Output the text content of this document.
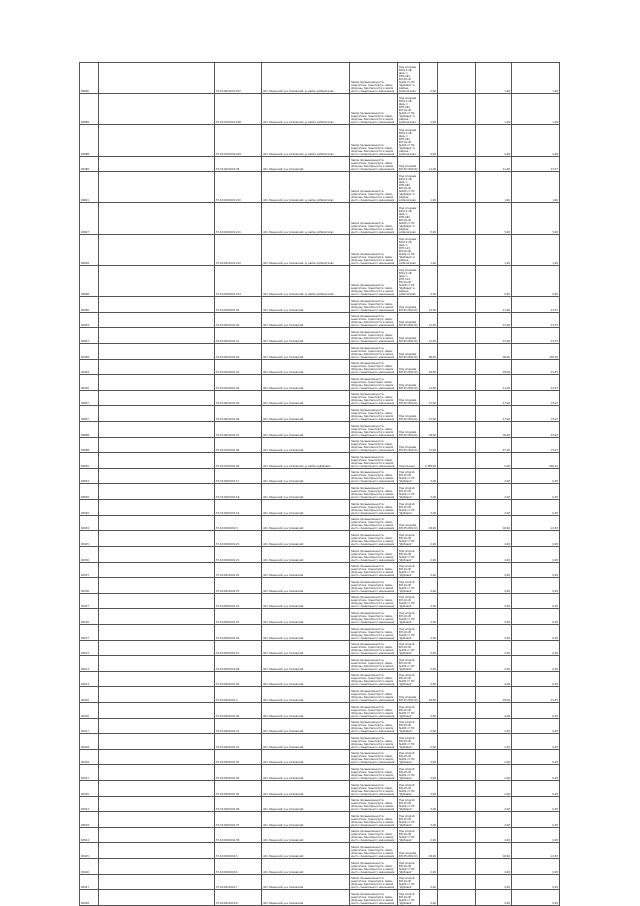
00690		57:16:0020101:207	обл. Мценский, р-н Сомовский, д. район д.Мелигрово	Земли промышленности, энергетики, транспорта, связи, обороны, безопасности и земли иного специального назначения	Под опорами ВЛ-0,4 кВ фид. 1 КТП-162 ВЛ-10 кВ №100 от ПС "Дубовик" в районе д.Мелигрово	5,00		1,00	1,00
00689		57:16:0020101:208	обл. Мценский, р-н Сомовский, д. район д.Мелигрово	Земли промышленности, энергетики, транспорта, связи, обороны, безопасности и земли иного специального назначения	Под опорами ВЛ-0,4 кВ фид. 1 КТП-162 ВЛ-10 кВ №100 от ПС "Дубовик" в районе д.Мелигрово	1,00		1,00	1,00
00688		57:16:0020101:209	обл. Мценский, р-н Сомовский, д. район д.Мелигрово	Земли промышленности, энергетики, транспорта, связи, обороны, безопасности и земли иного специального назначения	Под опорами ВЛ-0,4 кВ фид. 1 КТП-162 ВЛ-10 кВ №100 от ПС "Дубовик" в районе д.Мелигрово	4,00		4,00	4,00
00456		57:16:0020101:38	обл. Мценский, р-н Сомовский	Земли промышленности, энергетики, транспорта, связи, обороны, безопасности и земли иного специального назначения	Под опорами ВЛ-35 кВ(110)	11,00		11,00	13,37
00691		57:16:0020101:210	обл. Мценский, р-н Сомовский, д. район д.Мелигрово	Земли промышленности, энергетики, транспорта, связи, обороны, безопасности и земли иного специального назначения	Под опорами ВЛ-0,4 кВ фид. 1 КТП-162 ВЛ-10 кВ №100 от ПС "Дубовик" в районе д.Мелигрово	1,00		1,00	1,00
00697		57:16:0020101:211	обл. Мценский, р-н Сомовский, д. район д.Мелигрово	Земли промышленности, энергетики, транспорта, связи, обороны, безопасности и земли иного специального назначения	Под опорами ВЛ-0,4 кВ фид. 1 КТП-162 ВЛ-10 кВ №100 от ПС "Дубовик" в районе д.Мелигрово	5,00		5,00	5,00
00699		57:16:0020101:212	обл. Мценский, р-н Сомовский, д. район д.Мелигрово	Земли промышленности, энергетики, транспорта, связи, обороны, безопасности и земли иного специального назначения	Под опорами ВЛ-0,4 кВ фид. 1 КТП-114 ВЛ-10 кВ №100 от ПС "Дубовик" в районе д.Мелигрово	1,00		1,00	1,00
00698		57:16:0020101:213	обл. Мценский, р-н Сомовский, д. район д.Мелигрово	Земли промышленности, энергетики, транспорта, связи, обороны, безопасности и земли иного специального назначения	Под опорами ВЛ-0,4 кВ фид. 1 КТП-114 ВЛ-10 кВ №100 от ПС "Дубовик" в районе д.Мелигрово	5,00		5,00	5,00
00456		57:16:0020101:39	обл. Мценский, р-н Сомовский	Земли промышленности, энергетики, транспорта, связи, обороны, безопасности и земли иного специального назначения	Под опорами ВЛ-35 кВ(110)	11,00		11,00	13,37
00454		57:16:0020101:40	обл. Мценский, р-н Сомовский	Земли промышленности, энергетики, транспорта, связи, обороны, безопасности и земли иного специального назначения	Под опорами ВЛ-35 кВ(110)	11,00		11,00	13,37
00457		57:16:0020101:41	обл. Мценский, р-н Сомовский	Земли промышленности, энергетики, транспорта, связи, обороны, безопасности и земли иного специального назначения	Под опорами ВЛ-35 кВ(110)	11,00		11,00	13,37
00458		57:16:0020101:42	обл. Мценский, р-н Сомовский	Земли промышленности, энергетики, транспорта, связи, обороны, безопасности и земли иного специального назначения	Под опорами ВЛ-35 кВ(110)	96,00		96,00	116,45
00454		57:16:0020101:43	обл. Мценский, р-н Сомовский	Земли промышленности, энергетики, транспорта, связи, обороны, безопасности и земли иного специального назначения	Под опорами ВЛ-35 кВ(110)	18,00		18,00	21,87
00455		57:16:0020101:44	обл. Мценский, р-н Сомовский	Земли промышленности, энергетики, транспорta, связи, обороны, безопасности и земли иного специального назначения	Под опорами ВЛ-35 кВ(110)	11,00		11,00	13,37
00697		57:16:0020101:45	обл. Мценский, р-н Сомовский	Земли промышленности, энергетики, транспорта, связи, обороны, безопасности и земли иного специального назначения	Под опорами ВЛ-35 кВ(110)	17,00		17,00	73,07
00697		57:16:0020101:46	обл. Мценский, р-н Сомовский	Земли промышленности, энергетики, транспорта, связи, обороны, безопасности и земли иного специального назначения	Под опорами ВЛ-35 кВ(110)	17,00		17,00	73,07
00698		57:16:0020101:47	обл. Мценский, р-н Сомовский	Земли промышленности, энергетики, транспорта, связи, обороны, безопасности и земли иного специального назначения	Под опорами ВЛ-35 кВ(110)	39,00		39,00	43,20
00698		57:16:0020101:48	обл. Мценский, р-н Сомовский	Земли промышленности, энергетики, транспорта, связи, обороны, безопасности и земли иного специального назначения	Под опорами ВЛ-35 кВ(110)	17,00		17,00	73,07
00645		57:16:0020101:49	обл. Мценский, р-н Сомовский, д. район д.Дубовик	Земли промышленности, энергетики, транспорта, связи, обороны, безопасности и земли иного специального назначения	подстанция	4 485,00		5,00	549,12
00653		57:16:0050101:17	обл. Мценский, р-н Сомовский	Земли промышленности, энергетики, транспорта, связи, обороны, безопасности и земли иного специального назначения	Под опорой ВЛ-10 кВ №100 от ПС "Дубовик"	2,00		2,00	0,05
00650		57:16:0050101:18	обл. Мценский, р-н Сомовский	Земли промышленности, энергетики, транспорта, связи, обороны, безопасности и земли иного специального назначения	Под опорой ВЛ-10 кВ №100 от ПС "Дубовик"	2,00		2,00	0,05
00425		57:16:0050101:19	обл. Мценский, р-н Сомовский	Земли промышленности, энергетики, транспорта, связи, обороны, безопасности и земли иного специального назначения	Под опорой ВЛ-10 кВ №100 от ПС "Дубовик"	2,00		2,00	0,05
00454		57:16:0050101:3	обл. Мценский, р-н Сомовский	Земли промышленности, энергетики, транспорта, связи, обороны, безопасности и земли иного специального назначения	Под опорами ВЛ-35 кВ(110)	18,00		18,00	21,87
00425		57:16:0050101:20	обл. Мценский, р-н Сомовский	Земли промышленности, энергетики, транспорта, связи, обороны, безопасности и земли иного специального назначения	Под опорой ВЛ-10 кВ №100 от ПС "Дубовик"	2,00		2,00	0,05
00336		57:16:0050101:21	обл. Мценский, р-н Сомовский	Земли промышленности, энергетики, транспорта, связи, обороны, безопасности и земли иного специального назначения	Под опорой ВЛ-10 кВ №100 от ПС "Дубовик"	2,00		2,00	0,05
00337		57:16:0050101:22	обл. Мценский, р-н Сомовский	Земли промышленности, энергетики, транспорта, связи, обороны, безопасности и земли иного специального назначения	Под опорой ВЛ-10 кВ №100 от ПС "Дубовик"	2,00		2,00	0,05
00336		57:16:0050101:23	обл. Мценский, р-н Сомовский	Земли промышленности, энергетики, транспорта, связи, обороны, безопасности и земли иного специального назначения	Под опорой ВЛ-10 кВ №100 от ПС "Дубовик"	2,00		2,00	0,05
00337		57:16:0050101:24	обл. Мценский, р-н Сомовский	Земли промышленности, энергетики, транспорта, связи, обороны, безопасности и земли иного специального назначения	Под опорой ВЛ-10 кВ №100 от ПС "Дубовик"	2,00		2,00	0,05
00516		57:16:0050101:25	обл. Мценский, р-н Сомовский	Земли промышленности, энергетики, транспорта, связи, обороны, безопасности и земли иного специального назначения	Под опорой ВЛ-10 кВ №100 от ПС "Дубовик"	2,00		2,00	0,05
00517		57:16:0050101:26	обл. Мценский, р-н Сомовский	Земли промышленности, энергетики, транспорта, связи, обороны, безопасности и земли иного специального назначения	Под опорой ВЛ-10 кВ №100 от ПС "Дубовик"	2,00		2,00	0,05
00512		57:16:0050101:27	обл. Мценский, р-н Сомовский	Земли промышленности, энергетики, транспорта, связи, обороны, безопасности и земли иного специального назначения	Под опорой ВЛ-10 кВ №100 от ПС "Дубовик"	2,00		2,00	0,05
00513		57:16:0050101:28	обл. Мценский, р-н Сомовский	Земли промышленности, энергетики, транспорта, связи, обороны, безопасности и земли иного специального назначения	Под опорой ВЛ-10 кВ №100 от ПС "Дубовик"	2,00		2,00	0,05
00514		57:16:0050101:29	обл. Мценский, р-н Сомовский	Земли промышленности, энергетики, транспорта, связи, обороны, безопасности и земли иного специального назначения	Под опорой ВЛ-10 кВ №100 от ПС "Дубовик"	2,00		2,00	0,05
00415		57:16:0050101:4	обл. Мценский, р-н Сомовский	Земли промышленности, энергетики, транспорта, связи, обороны, безопасности и земли иного специального назначения	Под опорами ВЛ-35 кВ(110)	18,00		18,00	21,87
00416		57:16:0050101:30	обл. Мценский, р-н Сомовский	Земли промышленности, энергетики, транспорта, связи, обороны, безопасности и земли иного специального назначения	Под опорой ВЛ-10 кВ №100 от ПС "Дубовик"	2,00		2,00	0,05
00417		57:16:0050101:31	обл. Мценский, р-н Сомовский	Земли промышленности, энергетики, транспорта, связи, обороны, безопасности и земли иного специального назначения	Под опорой ВЛ-10 кВ №100 от ПС "Дубовик"	2,00		2,00	0,05
00418		57:16:0050101:32	обл. Мценский, р-н Сомовский	Земли промышленности, энергетики, транспорта, связи, обороны, безопасности и земли иного специального назначения	Под опорой ВЛ-10 кВ №100 от ПС "Дубовик"	2,00		2,00	0,05
00419		57:16:0050101:33	обл. Мценский, р-н Сомовский	Земли промышленности, энергетики, транспорта, связи, обороны, безопасности и земли иного специального назначения	Под опорой ВЛ-10 кВ №100 от ПС "Дубовик"	2,00		2,00	0,05
00327		57:16:0050101:34	обл. Мценский, р-н Сомовский	Земли промышленности, энергетики, транспорта, связи, обороны, безопасности и земли иного специального назначения	Под опорой ВЛ-10 кВ №100 от ПС "Дубовик"	2,00		2,00	0,05
00325		57:16:0050101:35	обл. Мценский, р-н Сомовский	Земли промышленности, энергетики, транспорта, связи, обороны, безопасности и земли иного специального назначения	Под опорой ВЛ-10 кВ №100 от ПС "Дубовик"	2,00		2,00	0,05
00327		57:16:0050101:36	обл. Мценский, р-н Сомовский	Земли промышленности, энергетики, транспорта, связи, обороны, безопасности и земли иного специального назначения	Под опорой ВЛ-10 кВ №100 от ПС "Дубовик"	2,00		2,00	0,05
00529		57:16:0050101:37	обл. Мценский, р-н Сомовский	Земли промышленности, энергетики, транспорта, связи, обороны, безопасности и земли иного специального назначения	Под опорой ВЛ-10 кВ №100 от ПС "Дубовик"	2,00		2,00	0,05
00524		57:16:0050101:38	обл. Мценский, р-н Сомовский	Земли промышленности, энергетики, транспорта, связи, обороны, безопасности и земли иного специального назначения	Под опорой ВЛ-10 кВ №100 от ПС "Дубовик"	2,00		2,00	0,05
00425		57:16:0050101:5	обл. Мценский, р-н Сомовский	Земли промышленности, энергетики, транспорта, связи, обороны, безопасности и земли иного специального назначения	Под опорами ВЛ-35 кВ(110)	18,00		18,00	21,87
00426		57:16:0050101:6	обл. Мценский, р-н Сомовский	Земли промышленности, энергетики, транспорта, связи, обороны, безопасности и земли иного специального назначения	Под опорой ВЛ-10 кВ №100 от ПС "Дубовик"	2,00		2,00	0,05
00427		57:16:0050101:7	обл. Мценский, р-н Сомовский	Земли промышленности, энергетики, транспорта, связи, обороны, безопасности и земли иного специального назначения	Под опорой ВЛ-10 кВ №100 от ПС "Дубовик"	2,00		2,00	0,05
00428		57:16:0050101:8	обл. Мценский, р-н Сомовский	Земли промышленности, энергетики, транспорта, связи, обороны, безопасности и земли иного специального назначения	Под опорой ВЛ-10 кВ №100 от ПС "Дубовик"	2,00		2,00	0,05
